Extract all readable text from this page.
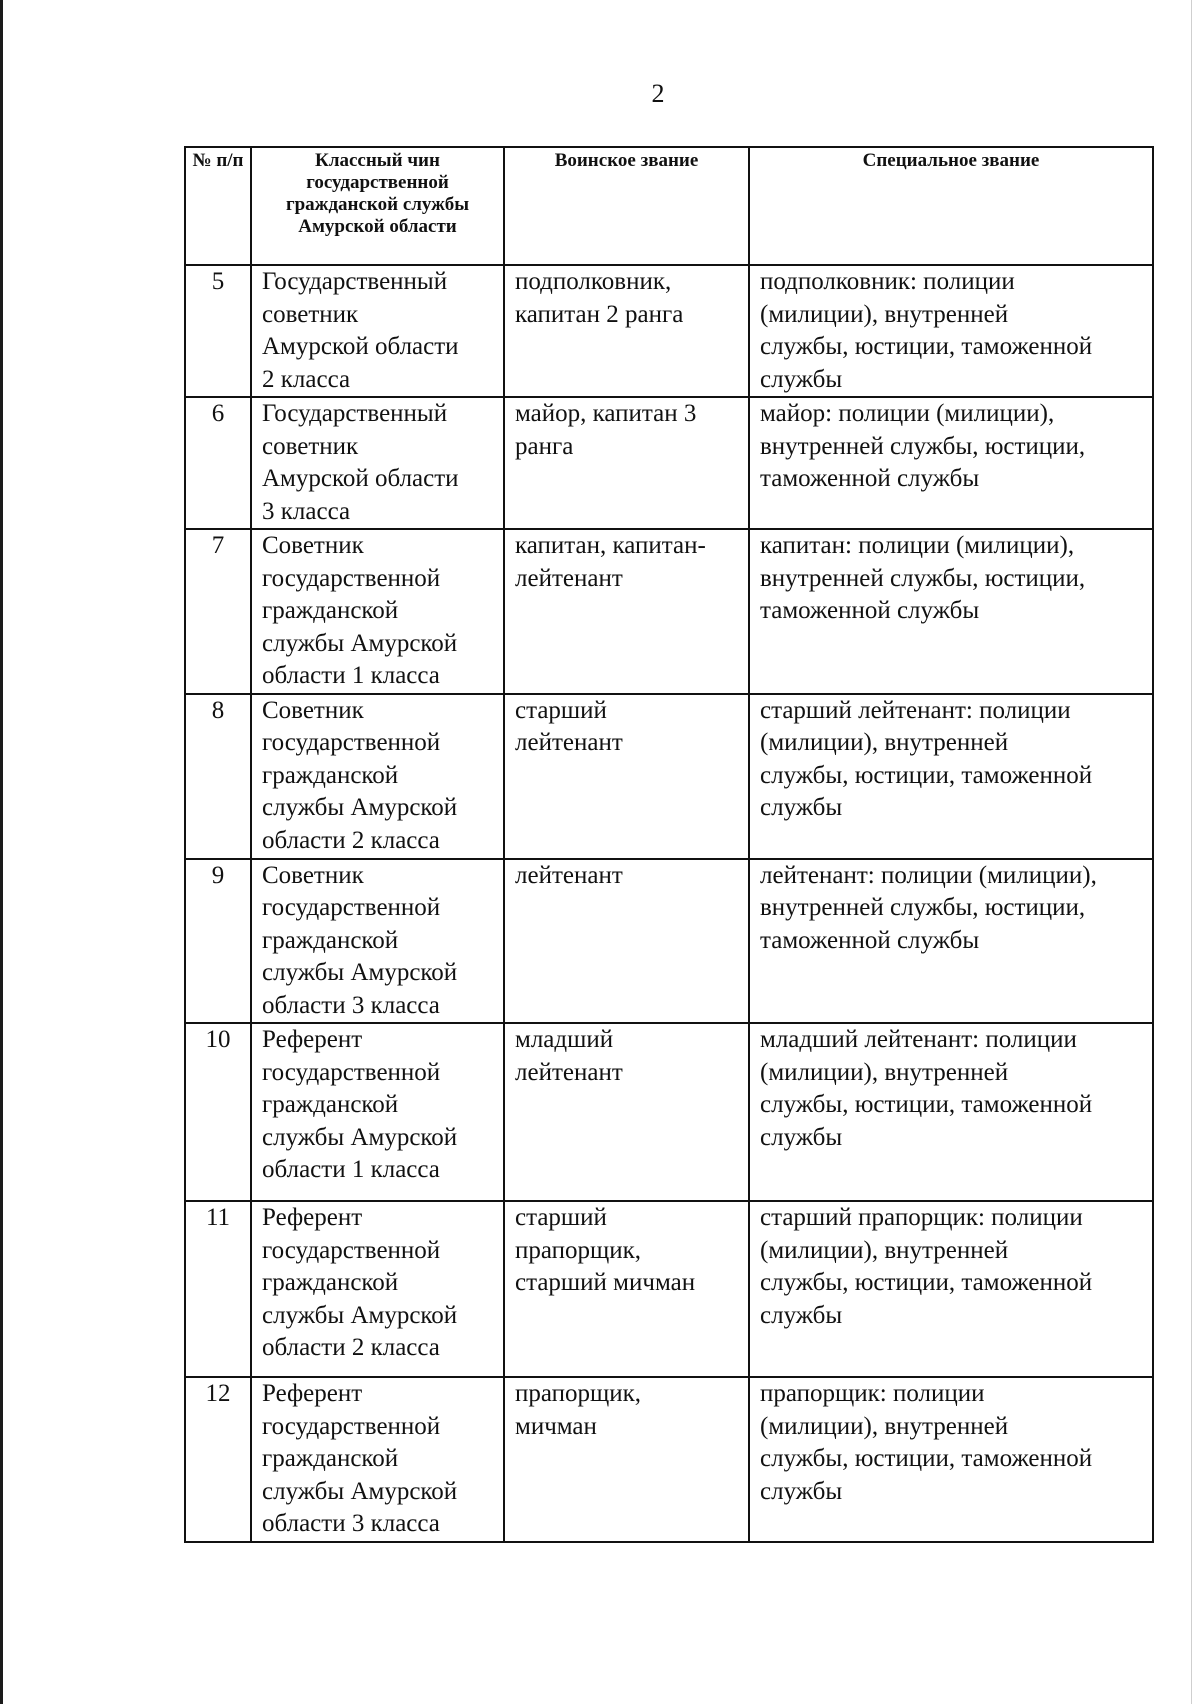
2
№ п/п	Классный чин государственной гражданской службы Амурской области	Воинское звание	Специальное звание

5	Государственный
советник
Амурской области
2 класса	подполковник,
капитан 2 ранга	подполковник: полиции
(милиции), внутренней
службы, юстиции, таможенной
службы

6	Государственный
советник
Амурской области
3 класса	майор, капитан 3
ранга	майор: полиции (милиции),
внутренней службы, юстиции,
таможенной службы

7	Советник
государственной
гражданской
службы Амурской
области 1 класса	капитан, капитан-
лейтенант	капитан: полиции (милиции),
внутренней службы, юстиции,
таможенной службы

8	Советник
государственной
гражданской
службы Амурской
области 2 класса	старший
лейтенант	старший лейтенант: полиции
(милиции), внутренней
службы, юстиции, таможенной
службы

9	Советник
государственной
гражданской
службы Амурской
области 3 класса	лейтенант	лейтенант: полиции (милиции),
внутренней службы, юстиции,
таможенной службы

10	Референт
государственной
гражданской
службы Амурской
области 1 класса	младший
лейтенант	младший лейтенант: полиции
(милиции), внутренней
службы, юстиции, таможенной
службы

11	Референт
государственной
гражданской
службы Амурской
области 2 класса	старший
прапорщик,
старший мичман	старший прапорщик: полиции
(милиции), внутренней
службы, юстиции, таможенной
службы

12	Референт
государственной
гражданской
службы Амурской
области 3 класса	прапорщик,
мичман	прапорщик: полиции
(милиции), внутренней
службы, юстиции, таможенной
службы
